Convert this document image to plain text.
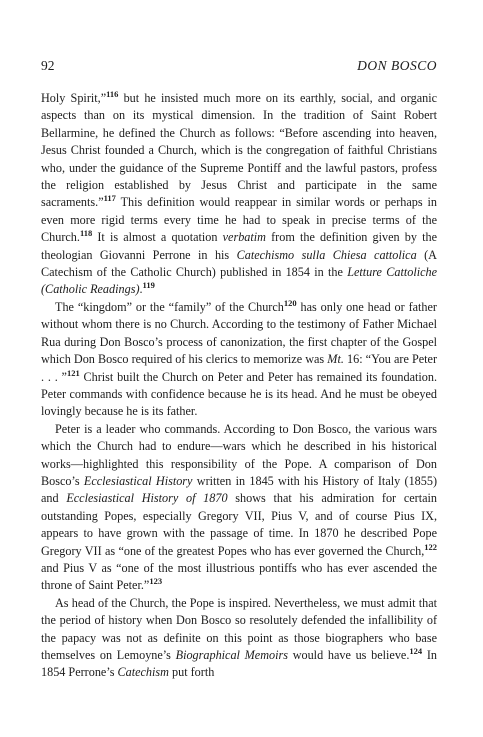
92	DON BOSCO

Holy Spirit,”$^{116}$ but he insisted much more on its earthly, social, and organic aspects than on its mystical dimension. In the tradition of Saint Robert Bellarmine, he defined the Church as follows: “Before ascending into heaven, Jesus Christ founded a Church, which is the congregation of faithful Christians who, under the guidance of the Supreme Pontiff and the lawful pastors, profess the religion established by Jesus Christ and participate in the same sacraments.”$^{117}$ This definition would reappear in similar words or perhaps in even more rigid terms every time he had to speak in precise terms of the Church.$^{118}$ It is almost a quotation verbatim from the definition given by the theologian Giovanni Perrone in his Catechismo sulla Chiesa cattolica (A Catechism of the Catholic Church) published in 1854 in the Letture Cattoliche (Catholic Readings).$^{119}$

The “kingdom” or the “family” of the Church$^{120}$ has only one head or father without whom there is no Church. According to the testimony of Father Michael Rua during Don Bosco’s process of canonization, the first chapter of the Gospel which Don Bosco required of his clerics to memorize was Mt. 16: “You are Peter . . . ”$^{121}$ Christ built the Church on Peter and Peter has remained its foundation. Peter commands with confidence because he is its head. And he must be obeyed lovingly because he is its father.

Peter is a leader who commands. According to Don Bosco, the various wars which the Church had to endure—wars which he described in his historical works—highlighted this responsibility of the Pope. A comparison of Don Bosco’s Ecclesiastical History written in 1845 with his History of Italy (1855) and Ecclesiastical History of 1870 shows that his admiration for certain outstanding Popes, especially Gregory VII, Pius V, and of course Pius IX, appears to have grown with the passage of time. In 1870 he described Pope Gregory VII as “one of the greatest Popes who has ever governed the Church,$^{122}$ and Pius V as “one of the most illustrious pontiffs who has ever ascended the throne of Saint Peter.”$^{123}$

As head of the Church, the Pope is inspired. Nevertheless, we must admit that the period of history when Don Bosco so resolutely defended the infallibility of the papacy was not as definite on this point as those biographers who base themselves on Lemoyne’s Biographical Memoirs would have us believe.$^{124}$ In 1854 Perrone’s Catechism put forth
